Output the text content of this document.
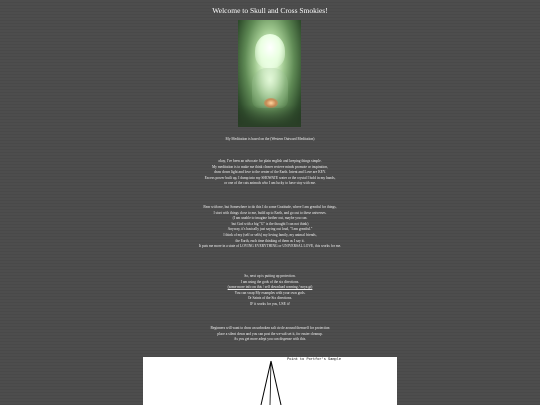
Welcome to Skull and Cross Smokies!

My Meditation is based on the (Western Outward Meditation)

okay, I've been an advocate for plain english and keeping things simple.

My meditation is to make me think clearer recieve minds promote or inspiration,

draw down light and love to the center of the Earth. Intent and Love are KEY.

Excess power built up, I dump into my SHOWATE water or the crystal I hold in my hands,

or one of the cats animals who I am lucky to have stay with me.

Bear with me, but Somewhere to do this I do some Gratitude, where I am greatful for things,

I start with things close to me, build up to Earth, and go out to these universes.

(I am unable to imagine farther out, maybe you can.

but God with a big "G" is the thought I can not think)

Anyway, it's basically just saying out loud, "I am greatful."

I think of my (self or selfs) my loving family, my animal friends,

the Earth, each time thinking of them as I say it.

It puts me more in a state of LOVING EVERYTHING or UNIVERSAL LOVE, this works for me.

So, next up is putting up protection.

I am using the gods of the six directions.

(some more info on this / self download warning / noyz.gt)

You can swap My examples with your own gods.

Or Saints of the Six directions.

IF it works for you, USE it!

Beginners will want to draw an unbroken salt circle around themself for protection

place a silent down and you can post the we-salt set it, for easier cleanup.

As you get more adept you can dispense with this.

Point to Portfor's Sample
